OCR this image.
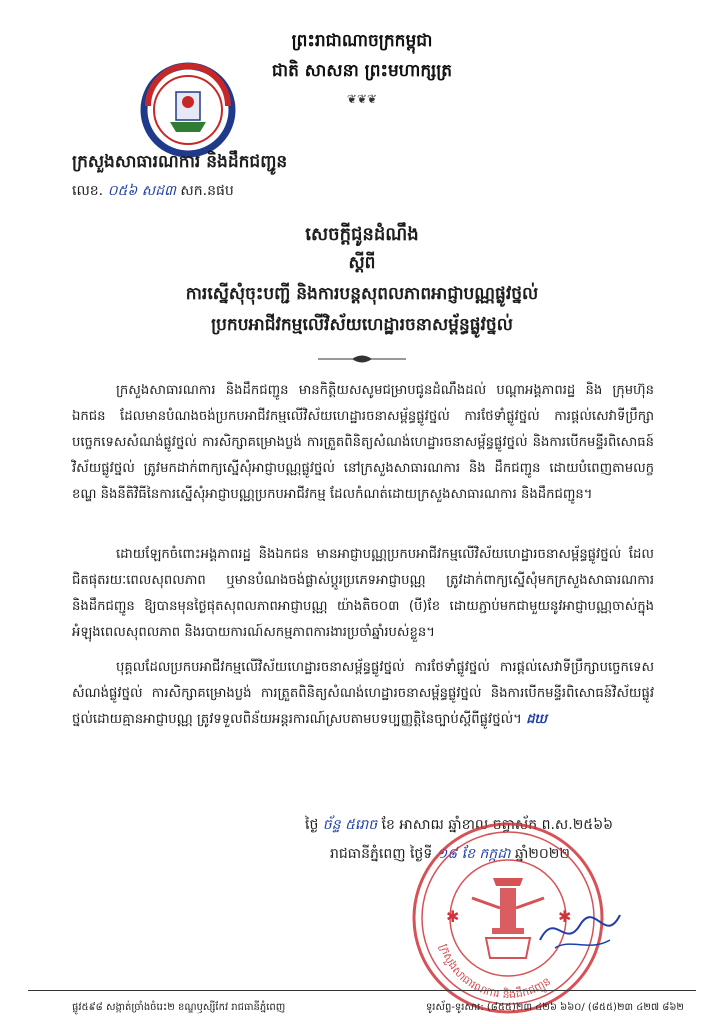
ព្រះរាជាណាចក្រកម្ពុជា
ជាតិ សាសនា ព្រះមហាក្សត្រ
❦❦❦
ក្រសួងសាធារណការ និងដឹកជញ្ជូន
លេខ. ០៥៦ សដ៣ សក.នផប
សេចក្តីជូនដំណឹង
ស្តីពី
ការស្នើសុំចុះបញ្ជី និងការបន្តសុពលភាពអាជ្ញាបណ្ណផ្លូវថ្នល់
ប្រកបអាជីវកម្មលើវិស័យហេដ្ឋារចនាសម្ព័ន្ធផ្លូវថ្នល់

ក្រសួងសាធារណការ និងដឹកជញ្ជូន មានកិត្តិយសសូមជម្រាបជូនដំណឹងដល់ បណ្តាអង្គភាពរដ្ឋ និង ក្រុមហ៊ុនឯកជន ដែលមានបំណងចង់ប្រកបអាជីវកម្មលើវិស័យហេដ្ឋារចនាសម្ព័ន្ធផ្លូវថ្នល់ ការថែទាំផ្លូវថ្នល់ ការផ្តល់សេវាទីប្រឹក្សាបច្ចេកទេសសំណង់ផ្លូវថ្នល់ ការសិក្សាគម្រោងប្លង់ ការត្រួតពិនិត្យសំណង់ហេដ្ឋារចនាសម្ព័ន្ធផ្លូវថ្នល់ និងការបើកមន្ទីរពិសោធន៍វិស័យផ្លូវថ្នល់ ត្រូវមកដាក់ពាក្យស្នើសុំអាជ្ញាបណ្ណផ្លូវថ្នល់ នៅក្រសួងសាធារណការ និង ដឹកជញ្ជូន ដោយបំពេញតាមលក្ខខណ្ឌ និងនីតិវិធីនៃការស្នើសុំអាជ្ញាបណ្ណប្រកបអាជីវកម្ម ដែលកំណត់ដោយក្រសួងសាធារណការ និងដឹកជញ្ជូន។

ដោយឡែកចំពោះអង្គភាពរដ្ឋ និងឯកជន មានអាជ្ញាបណ្ណប្រកបអាជីវកម្មលើវិស័យហេដ្ឋារចនាសម្ព័ន្ធផ្លូវថ្នល់ ដែលជិតផុតរយៈពេលសុពលភាព ឬមានបំណងចង់ផ្លាស់ប្តូរប្រភេទអាជ្ញាបណ្ណ ត្រូវដាក់ពាក្យស្នើសុំមកក្រសួងសាធារណការ និងដឹកជញ្ជូន ឱ្យបានមុនថ្ងៃផុតសុពលភាពអាជ្ញាបណ្ណ យ៉ាងតិច០៣ (បី)ខែ ដោយភ្ជាប់មកជាមួយនូវអាជ្ញាបណ្ណចាស់ក្នុងអំឡុងពេលសុពលភាព និងរបាយការណ៍សកម្មភាពការងារប្រចាំឆ្នាំរបស់ខ្លួន។

បុគ្គលដែលប្រកបអាជីវកម្មលើវិស័យហេដ្ឋារចនាសម្ព័ន្ធផ្លូវថ្នល់ ការថែទាំផ្លូវថ្នល់ ការផ្តល់សេវាទីប្រឹក្សាបច្ចេកទេសសំណង់ផ្លូវថ្នល់ ការសិក្សាគម្រោងប្លង់ ការត្រួតពិនិត្យសំណង់ហេដ្ឋារចនាសម្ព័ន្ធផ្លូវថ្នល់ និងការបើកមន្ទីរពិសោធន៍វិស័យផ្លូវថ្នល់ដោយគ្មានអាជ្ញាបណ្ណ ត្រូវទទួលពិន័យអន្តរការណ៍ស្របតាមបទប្បញ្ញត្តិនៃច្បាប់ស្តីពីផ្លូវថ្នល់។ ដឃ

ថ្ងៃ ច័ន្ទ ៥រោច ខែ អាសាឍ ឆ្នាំខាល ចត្វាស័ក ព.ស.២៥៦៦
រាជធានីភ្នំពេញ ថ្ងៃទី ១៨ ខែ កក្កដា ឆ្នាំ២០២២
✱	✱
ក្រសួងសាធារណការ និងដឹកជញ្ជូន
ផ្លូវ៥៩៨ សង្កាត់ច្រាំងចំរេះ២ ខណ្ឌឫស្សីកែវ រាជធានីភ្នំពេញ	ទូរស័ព្ទ-ទូរសារ: (៨៥៥)២៣ ៤២៦ ៦៦០/ (៨៥៥)២៣ ៤២៧ ៨៦២
